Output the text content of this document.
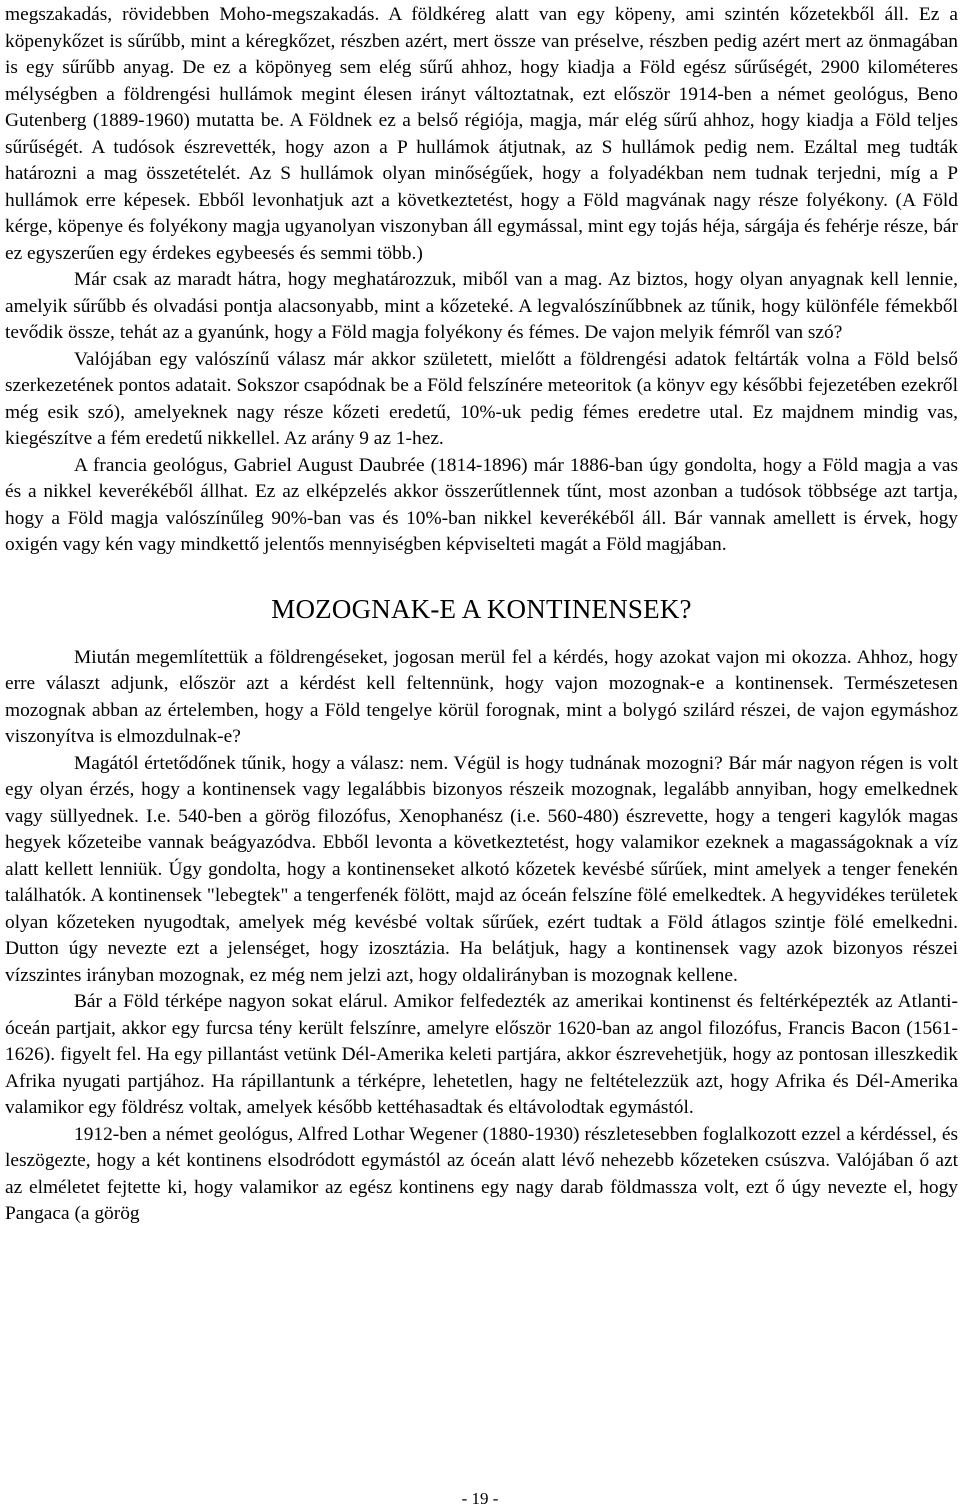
megszakadás, rövidebben Moho-megszakadás. A földkéreg alatt van egy köpeny, ami szintén kőzetekből áll. Ez a köpenykőzet is sűrűbb, mint a kéregkőzet, részben azért, mert össze van préselve, részben pedig azért mert az önmagában is egy sűrűbb anyag. De ez a köpönyeg sem elég sűrű ahhoz, hogy kiadja a Föld egész sűrűségét, 2900 kilométeres mélységben a földrengési hullámok megint élesen irányt változtatnak, ezt először 1914-ben a német geológus, Beno Gutenberg (1889-1960) mutatta be. A Földnek ez a belső régiója, magja, már elég sűrű ahhoz, hogy kiadja a Föld teljes sűrűségét. A tudósok észrevették, hogy azon a P hullámok átjutnak, az S hullámok pedig nem. Ezáltal meg tudták határozni a mag összetételét. Az S hullámok olyan minőségűek, hogy a folyadékban nem tudnak terjedni, míg a P hullámok erre képesek. Ebből levonhatjuk azt a következtetést, hogy a Föld magvának nagy része folyékony. (A Föld kérge, köpenye és folyékony magja ugyanolyan viszonyban áll egymással, mint egy tojás héja, sárgája és fehérje része, bár ez egyszerűen egy érdekes egybeesés és semmi több.)

Már csak az maradt hátra, hogy meghatározzuk, miből van a mag. Az biztos, hogy olyan anyagnak kell lennie, amelyik sűrűbb és olvadási pontja alacsonyabb, mint a kőzeteké. A legvalószínűbbnek az tűnik, hogy különféle fémekből tevődik össze, tehát az a gyanúnk, hogy a Föld magja folyékony és fémes. De vajon melyik fémről van szó?

Valójában egy valószínű válasz már akkor született, mielőtt a földrengési adatok feltárták volna a Föld belső szerkezetének pontos adatait. Sokszor csapódnak be a Föld felszínére meteoritok (a könyv egy későbbi fejezetében ezekről még esik szó), amelyeknek nagy része kőzeti eredetű, 10%-uk pedig fémes eredetre utal. Ez majdnem mindig vas, kiegészítve a fém eredetű nikkellel. Az arány 9 az 1-hez.

A francia geológus, Gabriel August Daubrée (1814-1896) már 1886-ban úgy gondolta, hogy a Föld magja a vas és a nikkel keverékéből állhat. Ez az elképzelés akkor összerűtlennek tűnt, most azonban a tudósok többsége azt tartja, hogy a Föld magja valószínűleg 90%-ban vas és 10%-ban nikkel keverékéből áll. Bár vannak amellett is érvek, hogy oxigén vagy kén vagy mindkettő jelentős mennyiségben képviselteti magát a Föld magjában.

MOZOGNAK-E A KONTINENSEK?

Miután megemlítettük a földrengéseket, jogosan merül fel a kérdés, hogy azokat vajon mi okozza. Ahhoz, hogy erre választ adjunk, először azt a kérdést kell feltennünk, hogy vajon mozognak-e a kontinensek. Természetesen mozognak abban az értelemben, hogy a Föld tengelye körül forognak, mint a bolygó szilárd részei, de vajon egymáshoz viszonyítva is elmozdulnak-e?

Magától értetődőnek tűnik, hogy a válasz: nem. Végül is hogy tudnának mozogni? Bár már nagyon régen is volt egy olyan érzés, hogy a kontinensek vagy legalábbis bizonyos részeik mozognak, legalább annyiban, hogy emelkednek vagy süllyednek. I.e. 540-ben a görög filozófus, Xenophanész (i.e. 560-480) észrevette, hogy a tengeri kagylók magas hegyek kőzeteibe vannak beágyazódva. Ebből levonta a következtetést, hogy valamikor ezeknek a magasságoknak a víz alatt kellett lenniük. Úgy gondolta, hogy a kontinenseket alkotó kőzetek kevésbé sűrűek, mint amelyek a tenger fenekén találhatók. A kontinensek "lebegtek" a tengerfenék fölött, majd az óceán felszíne fölé emelkedtek. A hegyvidékes területek olyan kőzeteken nyugodtak, amelyek még kevésbé voltak sűrűek, ezért tudtak a Föld átlagos szintje fölé emelkedni. Dutton úgy nevezte ezt a jelenséget, hogy izosztázia. Ha belátjuk, hagy a kontinensek vagy azok bizonyos részei vízszintes irányban mozognak, ez még nem jelzi azt, hogy oldalirányban is mozognak kellene.

Bár a Föld térképe nagyon sokat elárul. Amikor felfedezték az amerikai kontinenst és feltérképezték az Atlanti-óceán partjait, akkor egy furcsa tény került felszínre, amelyre először 1620-ban az angol filozófus, Francis Bacon (1561-1626). figyelt fel. Ha egy pillantást vetünk Dél-Amerika keleti partjára, akkor észrevehetjük, hogy az pontosan illeszkedik Afrika nyugati partjához. Ha rápillantunk a térképre, lehetetlen, hagy ne feltételezzük azt, hogy Afrika és Dél-Amerika valamikor egy földrész voltak, amelyek később kettéhasadtak és eltávolodtak egymástól.

1912-ben a német geológus, Alfred Lothar Wegener (1880-1930) részletesebben foglalkozott ezzel a kérdéssel, és leszögezte, hogy a két kontinens elsodródott egymástól az óceán alatt lévő nehezebb kőzeteken csúszva. Valójában ő azt az elméletet fejtette ki, hogy valamikor az egész kontinens egy nagy darab földmassza volt, ezt ő úgy nevezte el, hogy Pangaca (a görög

- 19 -
